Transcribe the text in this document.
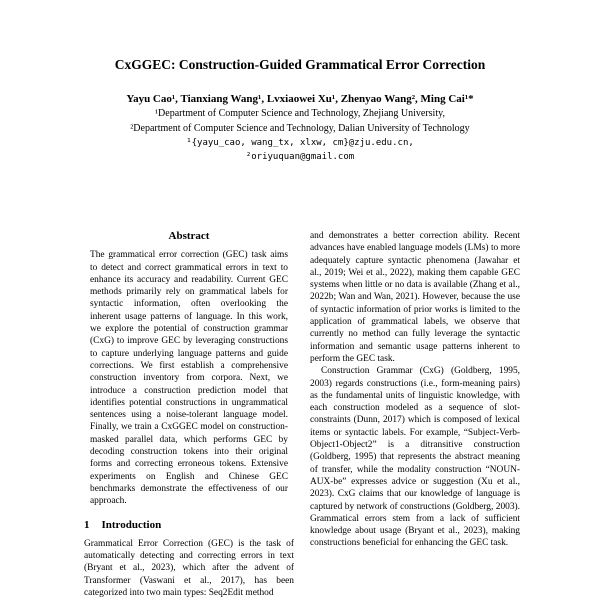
CxGGEC: Construction-Guided Grammatical Error Correction
Yayu Cao¹, Tianxiang Wang¹, Lvxiaowei Xu¹, Zhenyao Wang², Ming Cai¹*
¹Department of Computer Science and Technology, Zhejiang University,
²Department of Computer Science and Technology, Dalian University of Technology
¹{yayu_cao, wang_tx, xlxw, cm}@zju.edu.cn,
²oriyuquan@gmail.com
Abstract

The grammatical error correction (GEC) task aims to detect and correct grammatical errors in text to enhance its accuracy and readability. Current GEC methods primarily rely on grammatical labels for syntactic information, often overlooking the inherent usage patterns of language. In this work, we explore the potential of construction grammar (CxG) to improve GEC by leveraging constructions to capture underlying language patterns and guide corrections. We first establish a comprehensive construction inventory from corpora. Next, we introduce a construction prediction model that identifies potential constructions in ungrammatical sentences using a noise-tolerant language model. Finally, we train a CxGGEC model on construction-masked parallel data, which performs GEC by decoding construction tokens into their original forms and correcting erroneous tokens. Extensive experiments on English and Chinese GEC benchmarks demonstrate the effectiveness of our approach.

1 Introduction

Grammatical Error Correction (GEC) is the task of automatically detecting and correcting errors in text (Bryant et al., 2023), which after the advent of Transformer (Vaswani et al., 2017), has been categorized into two main types: Seq2Edit method

and demonstrates a better correction ability. Recent advances have enabled language models (LMs) to more adequately capture syntactic phenomena (Jawahar et al., 2019; Wei et al., 2022), making them capable GEC systems when little or no data is available (Zhang et al., 2022b; Wan and Wan, 2021). However, because the use of syntactic information of prior works is limited to the application of grammatical labels, we observe that currently no method can fully leverage the syntactic information and semantic usage patterns inherent to perform the GEC task.

Construction Grammar (CxG) (Goldberg, 1995, 2003) regards constructions (i.e., form-meaning pairs) as the fundamental units of linguistic knowledge, with each construction modeled as a sequence of slot-constraints (Dunn, 2017) which is composed of lexical items or syntactic labels. For example, “Subject-Verb-Object1-Object2” is a ditransitive construction (Goldberg, 1995) that represents the abstract meaning of transfer, while the modality construction “NOUN-AUX-be” expresses advice or suggestion (Xu et al., 2023). CxG claims that our knowledge of language is captured by network of constructions (Goldberg, 2003). Grammatical errors stem from a lack of sufficient knowledge about usage (Bryant et al., 2023), making constructions beneficial for enhancing the GEC task.
